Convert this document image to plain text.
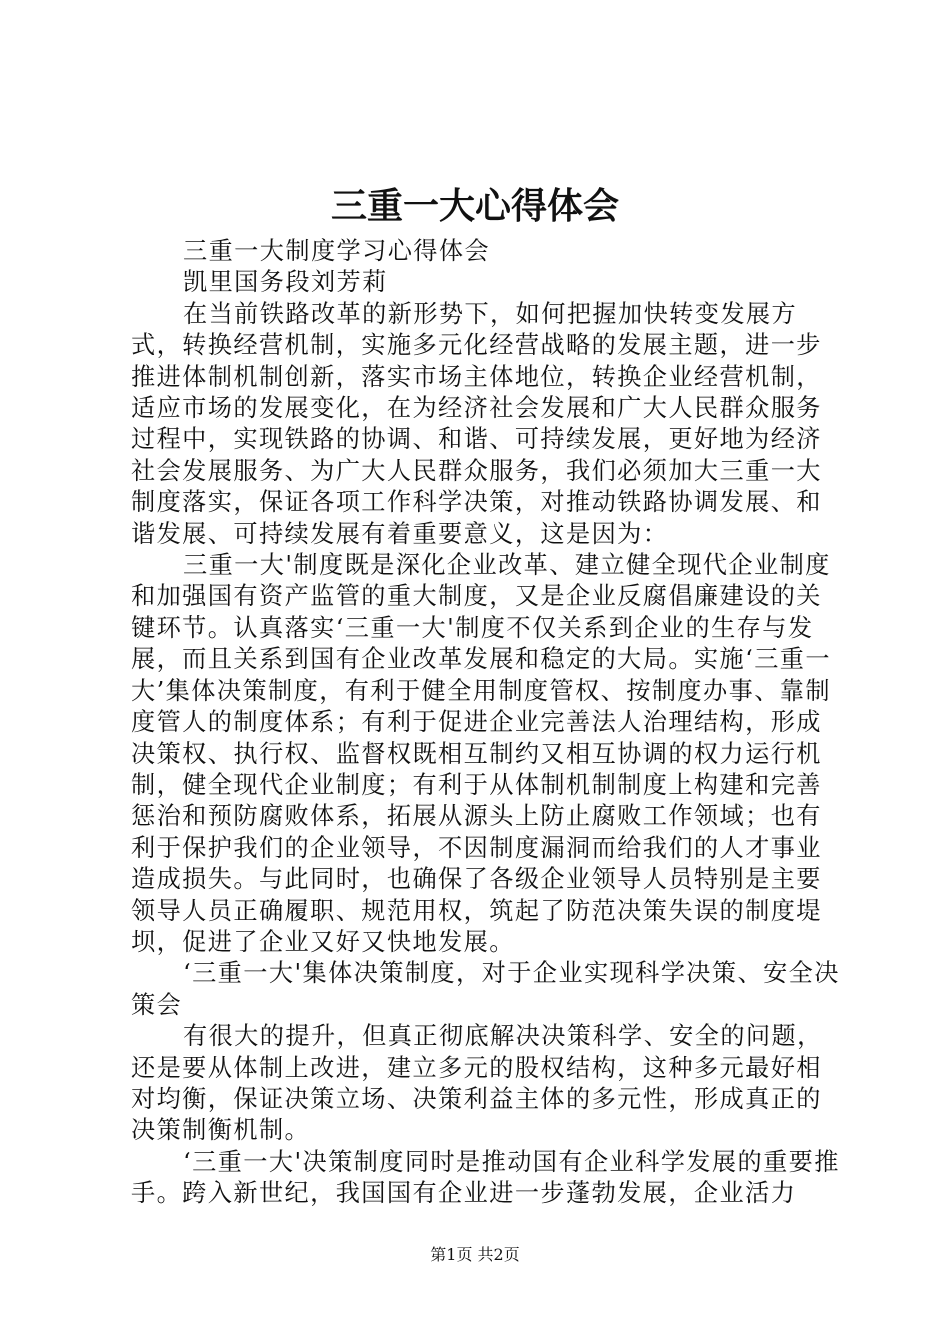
三重一大心得体会

三重一大制度学习心得体会

凯里国务段刘芳莉

在当前铁路改革的新形势下，如何把握加快转变发展方式，转换经营机制，实施多元化经营战略的发展主题，进一步推进体制机制创新，落实市场主体地位，转换企业经营机制，适应市场的发展变化，在为经济社会发展和广大人民群众服务过程中，实现铁路的协调、和谐、可持续发展，更好地为经济社会发展服务、为广大人民群众服务，我们必须加大三重一大制度落实，保证各项工作科学决策，对推动铁路协调发展、和谐发展、可持续发展有着重要意义，这是因为：

三重一大'制度既是深化企业改革、建立健全现代企业制度和加强国有资产监管的重大制度，又是企业反腐倡廉建设的关键环节。认真落实‘三重一大'制度不仅关系到企业的生存与发展，而且关系到国有企业改革发展和稳定的大局。实施‘三重一大’集体决策制度，有利于健全用制度管权、按制度办事、靠制度管人的制度体系；有利于促进企业完善法人治理结构，形成决策权、执行权、监督权既相互制约又相互协调的权力运行机制，健全现代企业制度；有利于从体制机制制度上构建和完善惩治和预防腐败体系，拓展从源头上防止腐败工作领域；也有利于保护我们的企业领导，不因制度漏洞而给我们的人才事业造成损失。与此同时，也确保了各级企业领导人员特别是主要领导人员正确履职、规范用权，筑起了防范决策失误的制度堤坝，促进了企业又好又快地发展。

‘三重一大'集体决策制度，对于企业实现科学决策、安全决策会

有很大的提升，但真正彻底解决决策科学、安全的问题，还是要从体制上改进，建立多元的股权结构，这种多元最好相对均衡，保证决策立场、决策利益主体的多元性，形成真正的决策制衡机制。

‘三重一大'决策制度同时是推动国有企业科学发展的重要推手。跨入新世纪，我国国有企业进一步蓬勃发展，企业活力

第1页 共2页
